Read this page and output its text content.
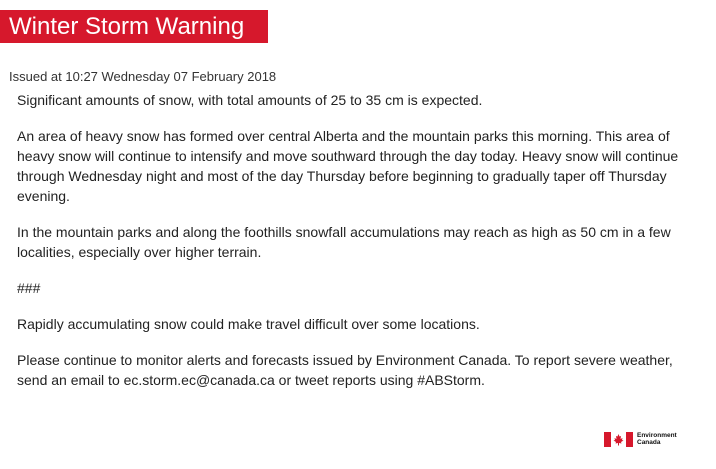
Winter Storm Warning
Issued at 10:27 Wednesday 07 February 2018

Significant amounts of snow, with total amounts of 25 to 35 cm is expected.

An area of heavy snow has formed over central Alberta and the mountain parks this morning. This area of heavy snow will continue to intensify and move southward through the day today. Heavy snow will continue through Wednesday night and most of the day Thursday before beginning to gradually taper off Thursday evening.

In the mountain parks and along the foothills snowfall accumulations may reach as high as 50 cm in a few localities, especially over higher terrain.

###

Rapidly accumulating snow could make travel difficult over some locations.

Please continue to monitor alerts and forecasts issued by Environment Canada. To report severe weather, send an email to ec.storm.ec@canada.ca or tweet reports using #ABStorm.

Environment
Canada
